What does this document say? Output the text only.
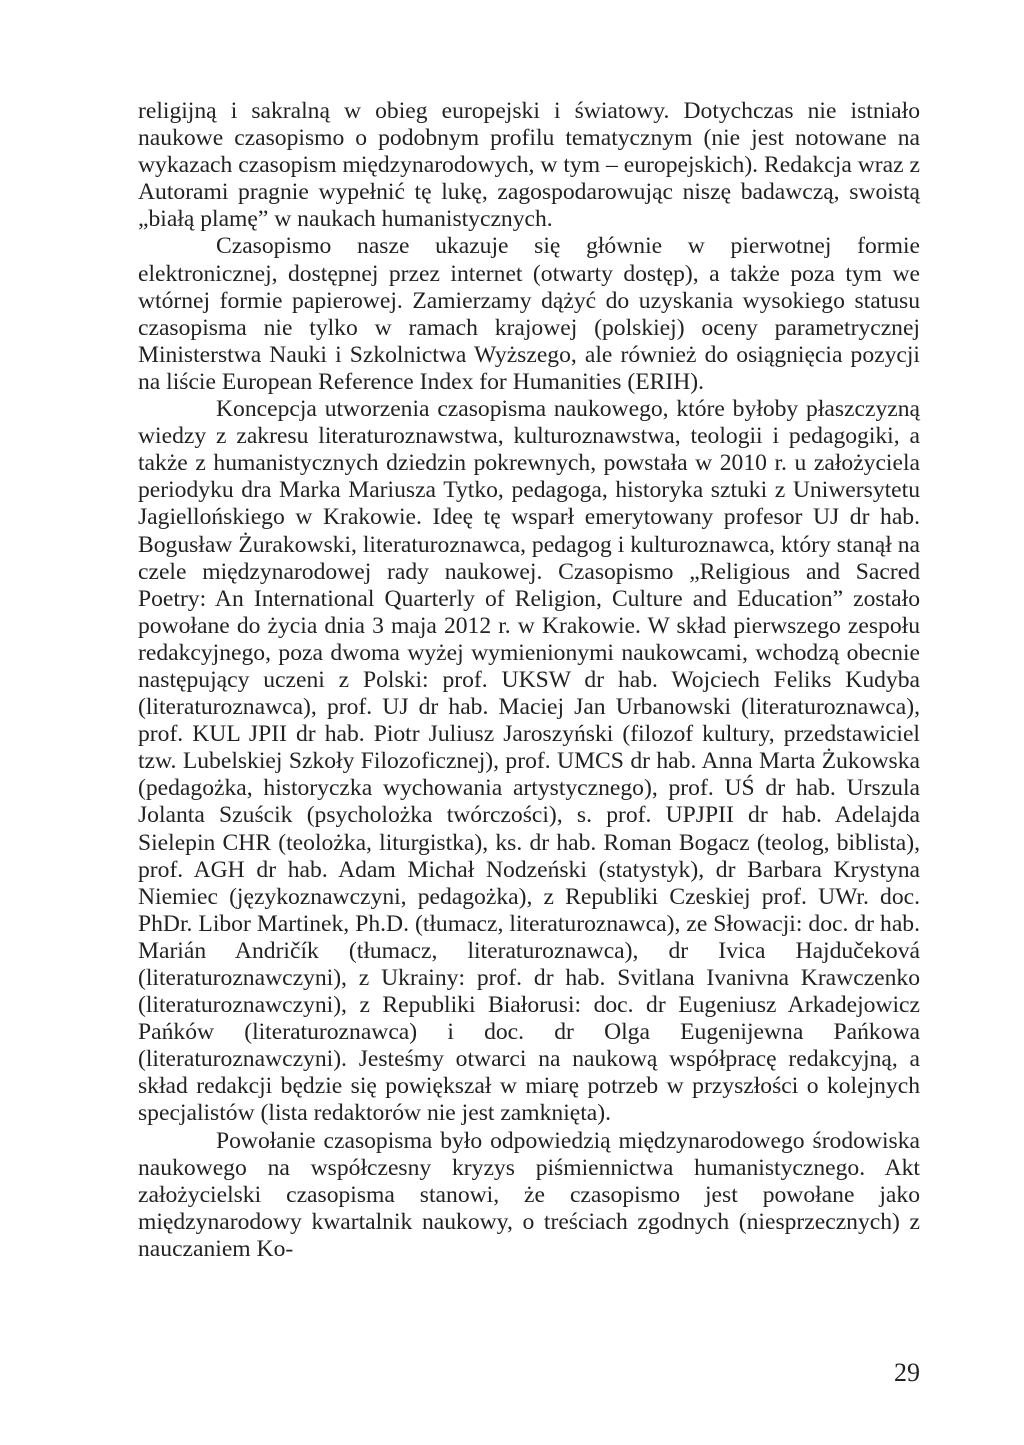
religijną i sakralną w obieg europejski i światowy. Dotychczas nie istniało naukowe czasopismo o podobnym profilu tematycznym (nie jest notowane na wykazach czasopism międzynarodowych, w tym – europejskich). Redakcja wraz z Autorami pragnie wypełnić tę lukę, zagospodarowując niszę badawczą, swoistą „białą plamę” w naukach humanistycznych.

Czasopismo nasze ukazuje się głównie w pierwotnej formie elektronicznej, dostępnej przez internet (otwarty dostęp), a także poza tym we wtórnej formie papierowej. Zamierzamy dążyć do uzyskania wysokiego statusu czasopisma nie tylko w ramach krajowej (polskiej) oceny parametrycznej Ministerstwa Nauki i Szkolnictwa Wyższego, ale również do osiągnięcia pozycji na liście European Reference Index for Humanities (ERIH).

Koncepcja utworzenia czasopisma naukowego, które byłoby płaszczyzną wiedzy z zakresu literaturoznawstwa, kulturoznawstwa, teologii i pedagogiki, a także z humanistycznych dziedzin pokrewnych, powstała w 2010 r. u założyciela periodyku dra Marka Mariusza Tytko, pedagoga, historyka sztuki z Uniwersytetu Jagiellońskiego w Krakowie. Ideę tę wsparł emerytowany profesor UJ dr hab. Bogusław Żurakowski, literaturoznawca, pedagog i kulturoznawca, który stanął na czele międzynarodowej rady naukowej. Czasopismo „Religious and Sacred Poetry: An International Quarterly of Religion, Culture and Education” zostało powołane do życia dnia 3 maja 2012 r. w Krakowie. W skład pierwszego zespołu redakcyjnego, poza dwoma wyżej wymienionymi naukowcami, wchodzą obecnie następujący uczeni z Polski: prof. UKSW dr hab. Wojciech Feliks Kudyba (literaturoznawca), prof. UJ dr hab. Maciej Jan Urbanowski (literaturoznawca), prof. KUL JPII dr hab. Piotr Juliusz Jaroszyński (filozof kultury, przedstawiciel tzw. Lubelskiej Szkoły Filozoficznej), prof. UMCS dr hab. Anna Marta Żukowska (pedagożka, historyczka wychowania artystycznego), prof. UŚ dr hab. Urszula Jolanta Szuścik (psycholożka twórczości), s. prof. UPJPII dr hab. Adelajda Sielepin CHR (teolożka, liturgistka), ks. dr hab. Roman Bogacz (teolog, biblista), prof. AGH dr hab. Adam Michał Nodzeński (statystyk), dr Barbara Krystyna Niemiec (językoznawczyni, pedagożka), z Republiki Czeskiej prof. UWr. doc. PhDr. Libor Martinek, Ph.D. (tłumacz, literaturoznawca), ze Słowacji: doc. dr hab. Marián Andričík (tłumacz, literaturoznawca), dr Ivica Hajdučeková (literaturoznawczyni), z Ukrainy: prof. dr hab. Svitlana Ivanivna Krawczenko (literaturoznawczyni), z Republiki Białorusi: doc. dr Eugeniusz Arkadejowicz Pańków (literaturoznawca) i doc. dr Olga Eugenijewna Pańkowa (literaturoznawczyni). Jesteśmy otwarci na naukową współpracę redakcyjną, a skład redakcji będzie się powiększał w miarę potrzeb w przyszłości o kolejnych specjalistów (lista redaktorów nie jest zamknięta).

Powołanie czasopisma było odpowiedzią międzynarodowego środowiska naukowego na współczesny kryzys piśmiennictwa humanistycznego. Akt założycielski czasopisma stanowi, że czasopismo jest powołane jako międzynarodowy kwartalnik naukowy, o treściach zgodnych (niesprzecznych) z nauczaniem Ko-

29
